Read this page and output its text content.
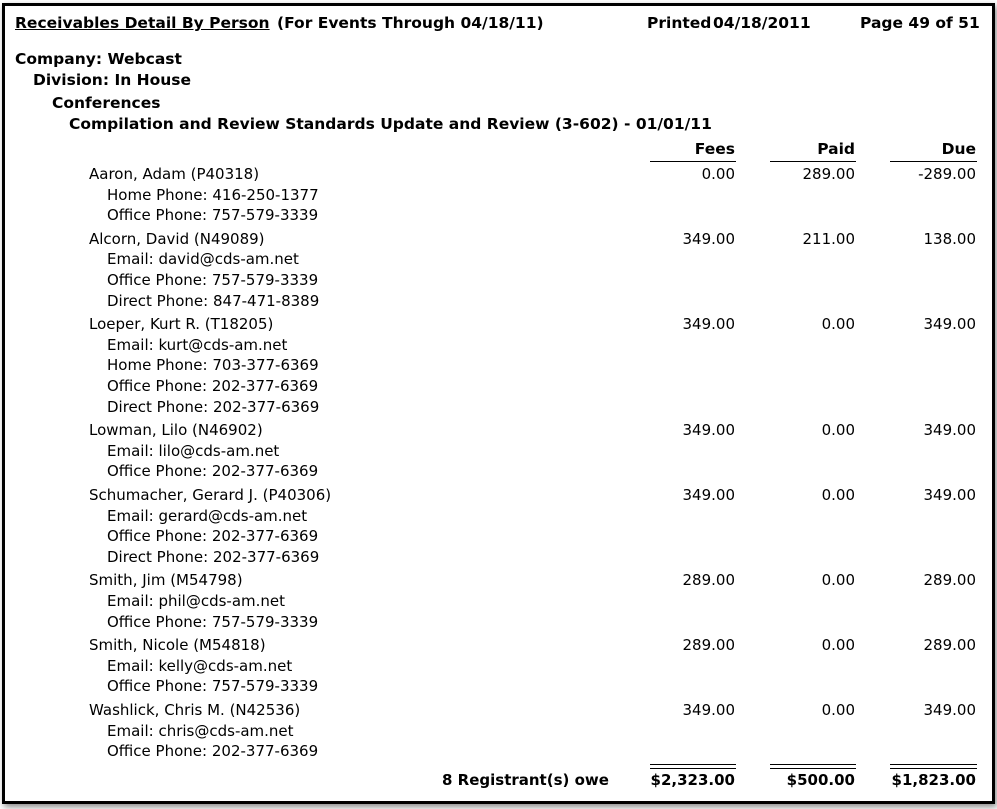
Receivables Detail By Person (For Events Through 04/18/11)	Printed 04/18/2011	Page 49 of 51
Company: Webcast
Division: In House
Conferences
Compilation and Review Standards Update and Review (3-602) - 01/01/11
Fees	Paid	Due
Aaron, Adam (P40318)	0.00	289.00	-289.00
Home Phone: 416-250-1377
Office Phone: 757-579-3339
Alcorn, David (N49089)	349.00	211.00	138.00
Email: david@cds-am.net
Office Phone: 757-579-3339
Direct Phone: 847-471-8389
Loeper, Kurt R. (T18205)	349.00	0.00	349.00
Email: kurt@cds-am.net
Home Phone: 703-377-6369
Office Phone: 202-377-6369
Direct Phone: 202-377-6369
Lowman, Lilo (N46902)	349.00	0.00	349.00
Email: lilo@cds-am.net
Office Phone: 202-377-6369
Schumacher, Gerard J. (P40306)	349.00	0.00	349.00
Email: gerard@cds-am.net
Office Phone: 202-377-6369
Direct Phone: 202-377-6369
Smith, Jim (M54798)	289.00	0.00	289.00
Email: phil@cds-am.net
Office Phone: 757-579-3339
Smith, Nicole (M54818)	289.00	0.00	289.00
Email: kelly@cds-am.net
Office Phone: 757-579-3339
Washlick, Chris M. (N42536)	349.00	0.00	349.00
Email: chris@cds-am.net
Office Phone: 202-377-6369
8 Registrant(s) owe	$2,323.00	$500.00	$1,823.00
